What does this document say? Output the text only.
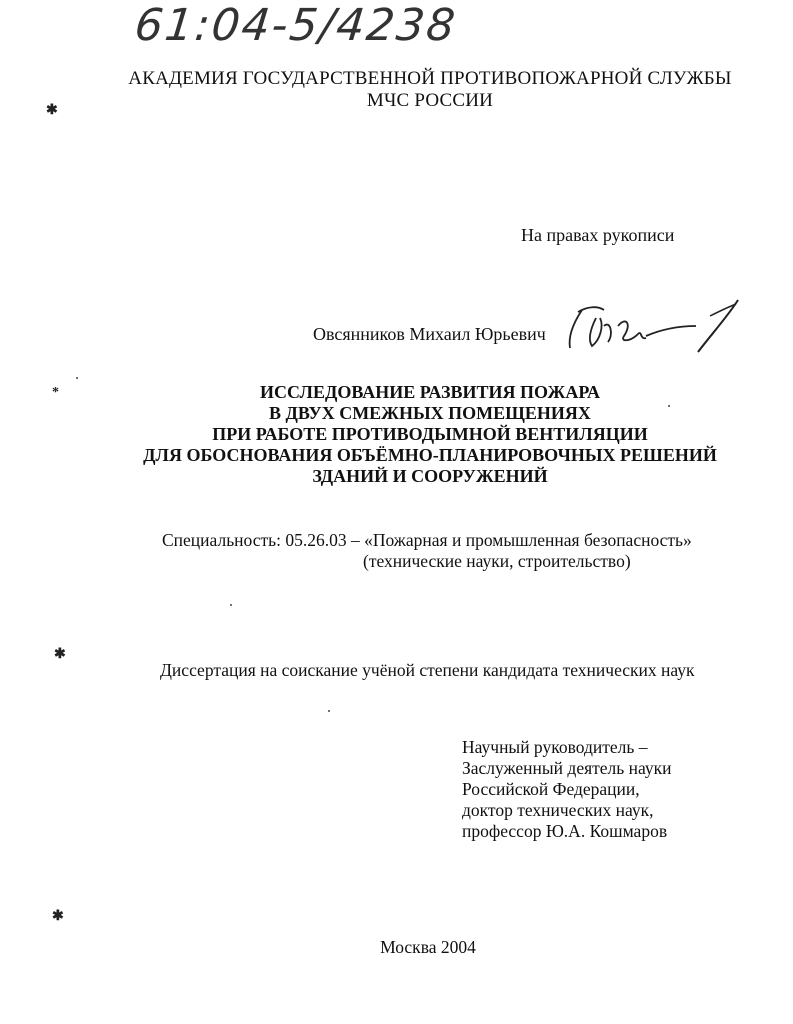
61:04-5/4238
АКАДЕМИЯ ГОСУДАРСТВЕННОЙ ПРОТИВОПОЖАРНОЙ СЛУЖБЫ
МЧС РОССИИ
На правах рукописи
Овсянников Михаил Юрьевич
ИССЛЕДОВАНИЕ РАЗВИТИЯ ПОЖАРА
В ДВУХ СМЕЖНЫХ ПОМЕЩЕНИЯХ
ПРИ РАБОТЕ ПРОТИВОДЫМНОЙ ВЕНТИЛЯЦИИ
ДЛЯ ОБОСНОВАНИЯ ОБЪЁМНО-ПЛАНИРОВОЧНЫХ РЕШЕНИЙ
ЗДАНИЙ И СООРУЖЕНИЙ
Специальность: 05.26.03 – «Пожарная и промышленная безопасность»
(технические науки, строительство)
Диссертация на соискание учёной степени кандидата технических наук
Научный руководитель –
Заслуженный деятель науки
Российской Федерации,
доктор технических наук,
профессор Ю.А. Кошмаров
Москва 2004
✱
*
✱
✱
